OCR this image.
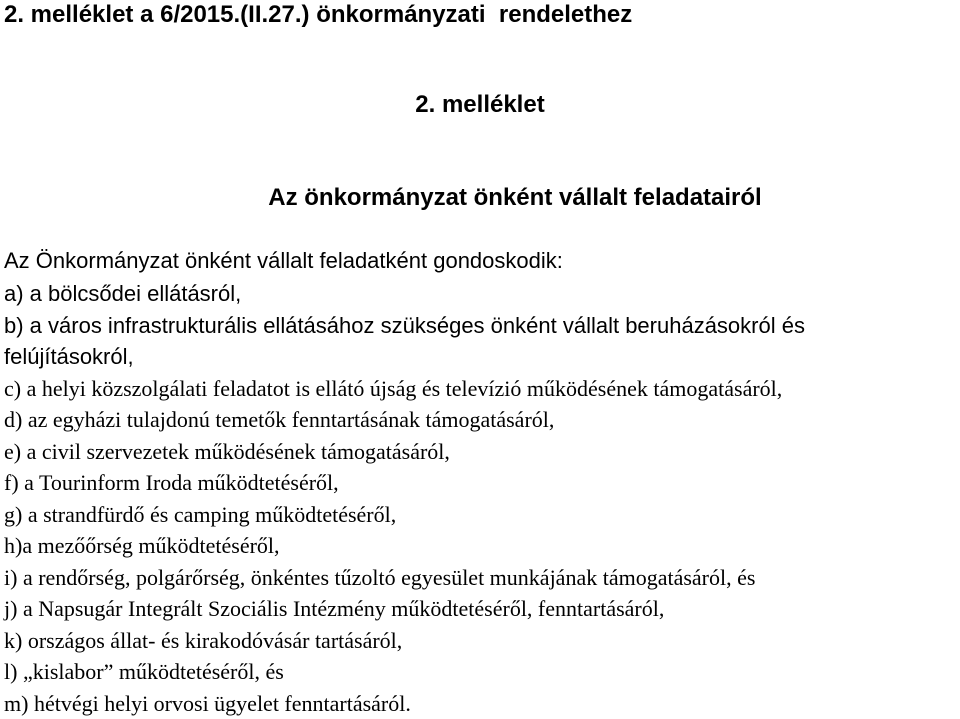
2. melléklet a 6/2015.(II.27.) önkormányzati  rendelethez
2. melléklet
Az önkormányzat önként vállalt feladatairól
Az Önkormányzat önként vállalt feladatként gondoskodik:
a) a bölcsődei ellátásról,
b) a város infrastrukturális ellátásához szükséges önként vállalt beruházásokról és
felújításokról,
c) a helyi közszolgálati feladatot is ellátó újság és televízió működésének támogatásáról,
d) az egyházi tulajdonú temetők fenntartásának támogatásáról,
e) a civil szervezetek működésének támogatásáról,
f) a Tourinform Iroda működtetéséről,
g) a strandfürdő és camping működtetéséről,
h)a mezőőrség működtetéséről,
i) a rendőrség, polgárőrség, önkéntes tűzoltó egyesület munkájának támogatásáról, és
j) a Napsugár Integrált Szociális Intézmény működtetéséről, fenntartásáról,
k) országos állat- és kirakodóvásár tartásáról,
l) „kislabor” működtetéséről, és
m) hétvégi helyi orvosi ügyelet fenntartásáról.
